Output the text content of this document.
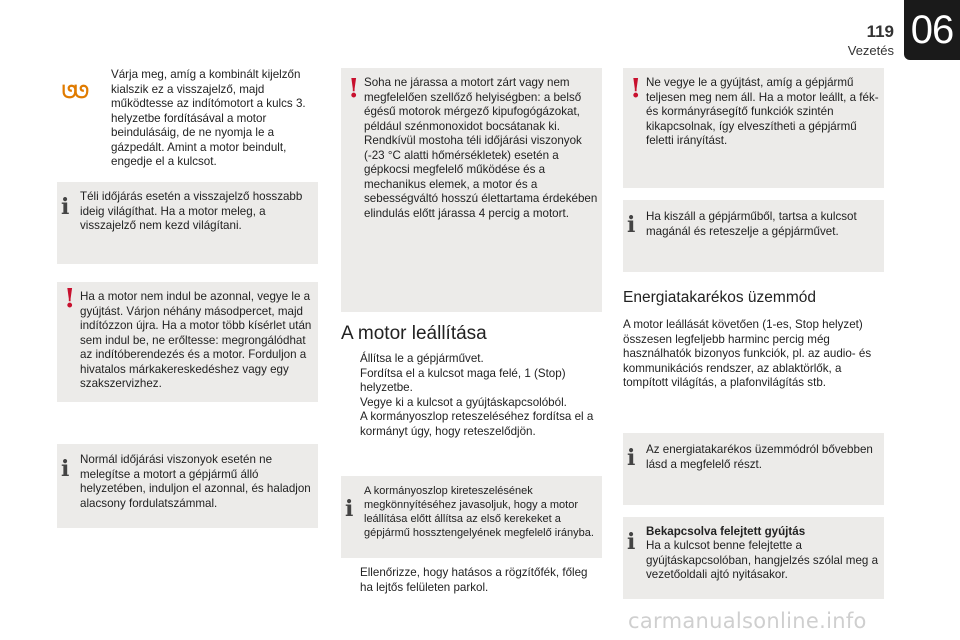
119
Vezetés 06
ᘎᘎ
Várja meg, amíg a kombinált kijelzőn kialszik ez a visszajelző, majd működtesse az indítómotort a kulcs 3. helyzetbe fordításával a motor beindulásáig, de ne nyomja le a gázpedált. Amint a motor beindult, engedje el a kulcsot.
i Téli időjárás esetén a visszajelző hosszabb ideig világíthat. Ha a motor meleg, a visszajelző nem kezd világítani.
! Ha a motor nem indul be azonnal, vegye le a gyújtást. Várjon néhány másodpercet, majd indítózzon újra. Ha a motor több kísérlet után sem indul be, ne erőltesse: megrongálódhat az indítóberendezés és a motor. Forduljon a hivatalos márkakereskedéshez vagy egy szakszervizhez.
i Normál időjárási viszonyok esetén ne melegítse a motort a gépjármű álló helyzetében, induljon el azonnal, és haladjon alacsony fordulatszámmal.
! Soha ne járassa a motort zárt vagy nem megfelelően szellőző helyiségben: a belső égésű motorok mérgező kipufogógázokat, például szénmonoxidot bocsátanak ki. Rendkívül mostoha téli időjárási viszonyok (-23 °C alatti hőmérsékletek) esetén a gépkocsi megfelelő működése és a mechanikus elemek, a motor és a sebességváltó hosszú élettartama érdekében elindulás előtt járassa 4 percig a motort.
A motor leállítása
Állítsa le a gépjárművet.
Fordítsa el a kulcsot maga felé, 1 (Stop) helyzetbe.
Vegye ki a kulcsot a gyújtáskapcsolóból.
A kormányoszlop reteszeléséhez fordítsa el a kormányt úgy, hogy reteszelődjön.
i
A kormányoszlop kireteszelésének megkönnyítéséhez javasoljuk, hogy a motor leállítása előtt állítsa az első kerekeket a gépjármű hossztengelyének megfelelő irányba.
Ellenőrizze, hogy hatásos a rögzítőfék, főleg ha lejtős felületen parkol.
! Ne vegye le a gyújtást, amíg a gépjármű teljesen meg nem áll. Ha a motor leállt, a fék- és kormányrásegítő funkciók szintén kikapcsolnak, így elveszítheti a gépjármű feletti irányítást.
i Ha kiszáll a gépjárműből, tartsa a kulcsot magánál és reteszelje a gépjárművet.
Energiatakarékos üzemmód
A motor leállását követően (1-es, Stop helyzet) összesen legfeljebb harminc percig még használhatók bizonyos funkciók, pl. az audio- és kommunikációs rendszer, az ablaktörlők, a tompított világítás, a plafonvilágítás stb.
i Az energiatakarékos üzemmódról bővebben lásd a megfelelő részt.
i Bekapcsolva felejtett gyújtás
Ha a kulcsot benne felejtette a gyújtáskapcsolóban, hangjelzés szólal meg a vezetőoldali ajtó nyitásakor.
carmanualsonline.info
